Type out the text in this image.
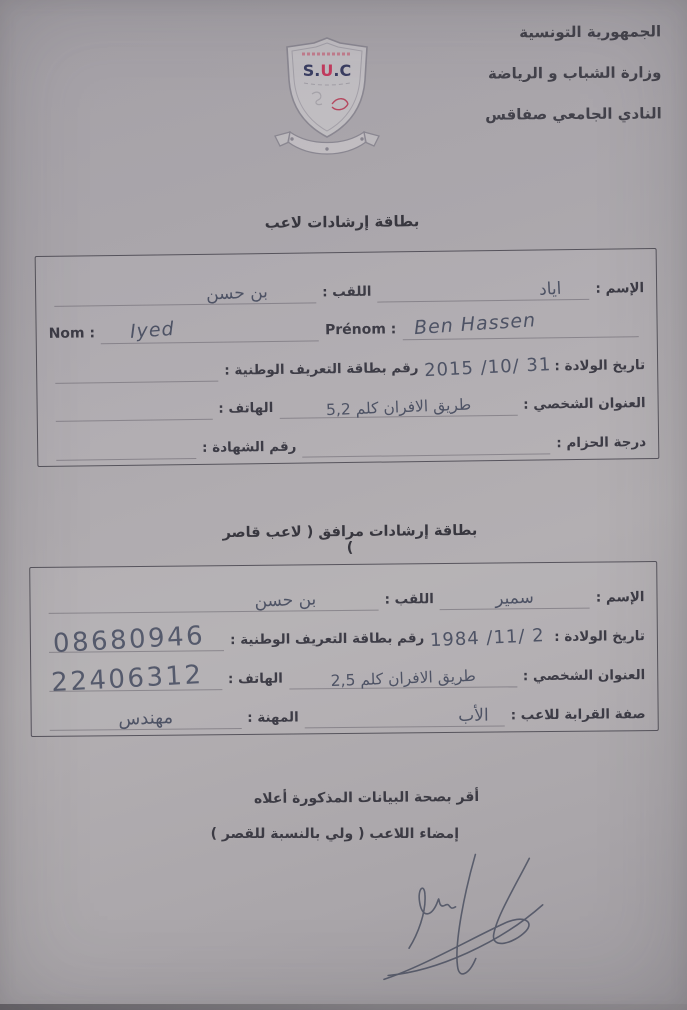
الجمهورية التونسية
وزارة الشباب و الرياضة
النادي الجامعي صفاقس
S.U.C
بطاقة إرشادات لاعب
الإسم :
اياد
اللقب :
بن حسن
Nom : Iyed	Prénom : Ben Hassen
تاريخ الولادة :
2015 /10/ 31
رقم بطاقة التعريف الوطنية :
العنوان الشخصي :
طريق الافران كلم 5,2
الهاتف :
درجة الحزام :
رقم الشهادة :
بطاقة إرشادات مرافق ( لاعب قاصر )
الإسم :
سمير
اللقب :
بن حسن
تاريخ الولادة :
1984 /11/ 2
رقم بطاقة التعريف الوطنية :
08680946
العنوان الشخصي :
طريق الافران كلم 2,5
الهاتف :
22406312
صفة القرابة للاعب :
الأب
المهنة :
مهندس
أقر بصحة البيانات المذكورة أعلاه
إمضاء اللاعب ( ولي بالنسبة للقصر )
